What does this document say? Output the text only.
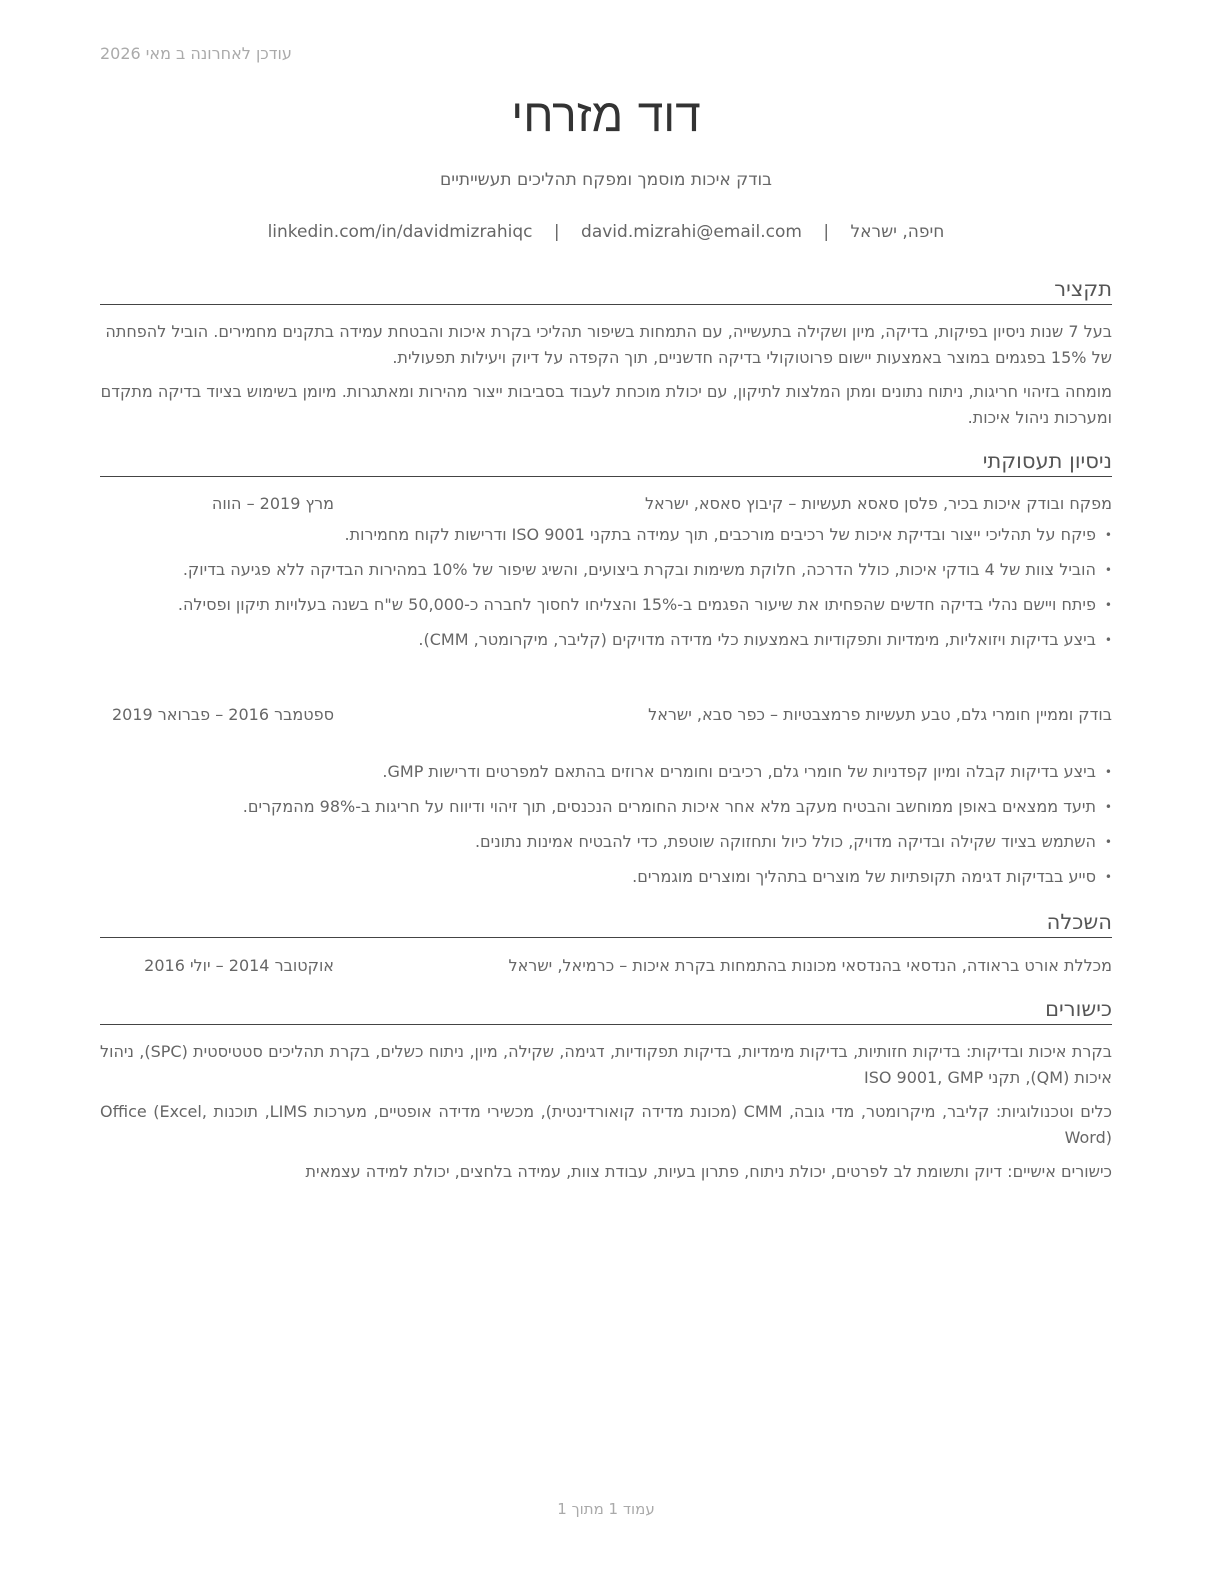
עודכן לאחרונה ב מאי 2026
דוד מזרחי
בודק איכות מוסמך ומפקח תהליכים תעשייתיים
חיפה, ישראל | david.mizrahi@email.com | linkedin.com/in/davidmizrahiqc
תקציר
בעל 7 שנות ניסיון בפיקות, בדיקה, מיון ושקילה בתעשייה, עם התמחות בשיפור תהליכי בקרת איכות והבטחת עמידה בתקנים מחמירים. הוביל להפחתה של 15% בפגמים במוצר באמצעות יישום פרוטוקולי בדיקה חדשניים, תוך הקפדה על דיוק ויעילות תפעולית.
מומחה בזיהוי חריגות, ניתוח נתונים ומתן המלצות לתיקון, עם יכולת מוכחת לעבוד בסביבות ייצור מהירות ומאתגרות. מיומן בשימוש בציוד בדיקה מתקדם ומערכות ניהול איכות.
ניסיון תעסוקתי
מפקח ובודק איכות בכיר, פלסן סאסא תעשיות – קיבוץ סאסא, ישראל
מרץ 2019 – הווה
•
פיקח על תהליכי ייצור ובדיקת איכות של רכיבים מורכבים, תוך עמידה בתקני ISO 9001 ודרישות לקוח מחמירות.
•
הוביל צוות של 4 בודקי איכות, כולל הדרכה, חלוקת משימות ובקרת ביצועים, והשיג שיפור של 10% במהירות הבדיקה ללא פגיעה בדיוק.
•
פיתח ויישם נהלי בדיקה חדשים שהפחיתו את שיעור הפגמים ב-15% והצליחו לחסוך לחברה כ-50,000 ש"ח בשנה בעלויות תיקון ופסילה.
•
ביצע בדיקות ויזואליות, מימדיות ותפקודיות באמצעות כלי מדידה מדויקים (קליבר, מיקרומטר, CMM).
בודק וממיין חומרי גלם, טבע תעשיות פרמצבטיות – כפר סבא, ישראל
ספטמבר 2016 – פברואר 2019
•
ביצע בדיקות קבלה ומיון קפדניות של חומרי גלם, רכיבים וחומרים ארוזים בהתאם למפרטים ודרישות GMP.
•
תיעד ממצאים באופן ממוחשב והבטיח מעקב מלא אחר איכות החומרים הנכנסים, תוך זיהוי ודיווח על חריגות ב-98% מהמקרים.
•
השתמש בציוד שקילה ובדיקה מדויק, כולל כיול ותחזוקה שוטפת, כדי להבטיח אמינות נתונים.
•
סייע בבדיקות דגימה תקופתיות של מוצרים בתהליך ומוצרים מוגמרים.
השכלה
מכללת אורט בראודה, הנדסאי בהנדסאי מכונות בהתמחות בקרת איכות – כרמיאל, ישראל
אוקטובר 2014 – יולי 2016
כישורים
בקרת איכות ובדיקות: בדיקות חזותיות, בדיקות מימדיות, בדיקות תפקודיות, דגימה, שקילה, מיון, ניתוח כשלים, בקרת תהליכים סטטיסטית (SPC), ניהול איכות (QM), תקני ISO 9001, GMP
כלים וטכנולוגיות: קליבר, מיקרומטר, מדי גובה, CMM (מכונת מדידה קואורדינטית), מכשירי מדידה אופטיים, מערכות LIMS, תוכנות Office (Excel, Word)
כישורים אישיים: דיוק ותשומת לב לפרטים, יכולת ניתוח, פתרון בעיות, עבודת צוות, עמידה בלחצים, יכולת למידה עצמאית
עמוד 1 מתוך 1
